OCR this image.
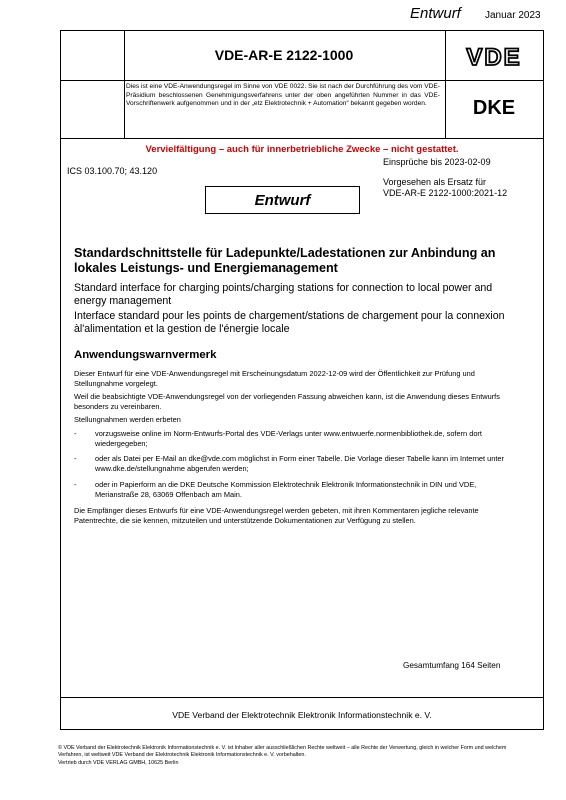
Entwurf Januar 2023
VDE-AR-E 2122-1000	VDE
Dies ist eine VDE-Anwendungsregel im Sinne von VDE 0022. Sie ist nach der Durchführung des vom VDE-Präsidium beschlossenen Genehmigungsverfahrens unter der oben angeführten Nummer in das VDE-Vorschriftenwerk aufgenommen und in der „etz Elektrotechnik + Automation“ bekannt gegeben worden.	DKE
Vervielfältigung – auch für innerbetriebliche Zwecke – nicht gestattet.
ICS 03.100.70; 43.120
Einsprüche bis 2023-02-09
Vorgesehen als Ersatz für
VDE-AR-E 2122-1000:2021-12
Entwurf
Standardschnittstelle für Ladepunkte/Ladestationen zur Anbindung an lokales Leistungs- und Energiemanagement
Standard interface for charging points/charging stations for connection to local power and energy management
Interface standard pour les points de chargement/stations de chargement pour la connexion àl'alimentation et la gestion de l'énergie locale
Anwendungswarnvermerk
Dieser Entwurf für eine VDE-Anwendungsregel mit Erscheinungsdatum 2022-12-09 wird der Öffentlichkeit zur Prüfung und Stellungnahme vorgelegt.
Weil die beabsichtigte VDE-Anwendungsregel von der vorliegenden Fassung abweichen kann, ist die Anwendung dieses Entwurfs besonders zu vereinbaren.
Stellungnahmen werden erbeten
-	vorzugsweise online im Norm-Entwurfs-Portal des VDE-Verlags unter www.entwuerfe.normenbibliothek.de, sofern dort wiedergegeben;
-	oder als Datei per E-Mail an dke@vde.com möglichst in Form einer Tabelle. Die Vorlage dieser Tabelle kann im Internet unter www.dke.de/stellungnahme abgerufen werden;
-	oder in Papierform an die DKE Deutsche Kommission Elektrotechnik Elektronik Informationstechnik in DIN und VDE, Merianstraße 28, 63069 Offenbach am Main.
Die Empfänger dieses Entwurfs für eine VDE-Anwendungsregel werden gebeten, mit ihren Kommentaren jegliche relevante Patentrechte, die sie kennen, mitzuteilen und unterstützende Dokumentationen zur Verfügung zu stellen.
Gesamtumfang 164 Seiten
VDE Verband der Elektrotechnik Elektronik Informationstechnik e. V.
© VDE Verband der Elektrotechnik Elektronik Informationstechnik e. V. ist Inhaber aller ausschließlichen Rechte weltweit – alle Rechte der Verwertung, gleich in welcher Form und welchem Verfahren, ist weltweit VDE Verband der Elektrotechnik Elektronik Informationstechnik e. V. vorbehalten.
Vertrieb durch VDE VERLAG GMBH, 10625 Berlin
